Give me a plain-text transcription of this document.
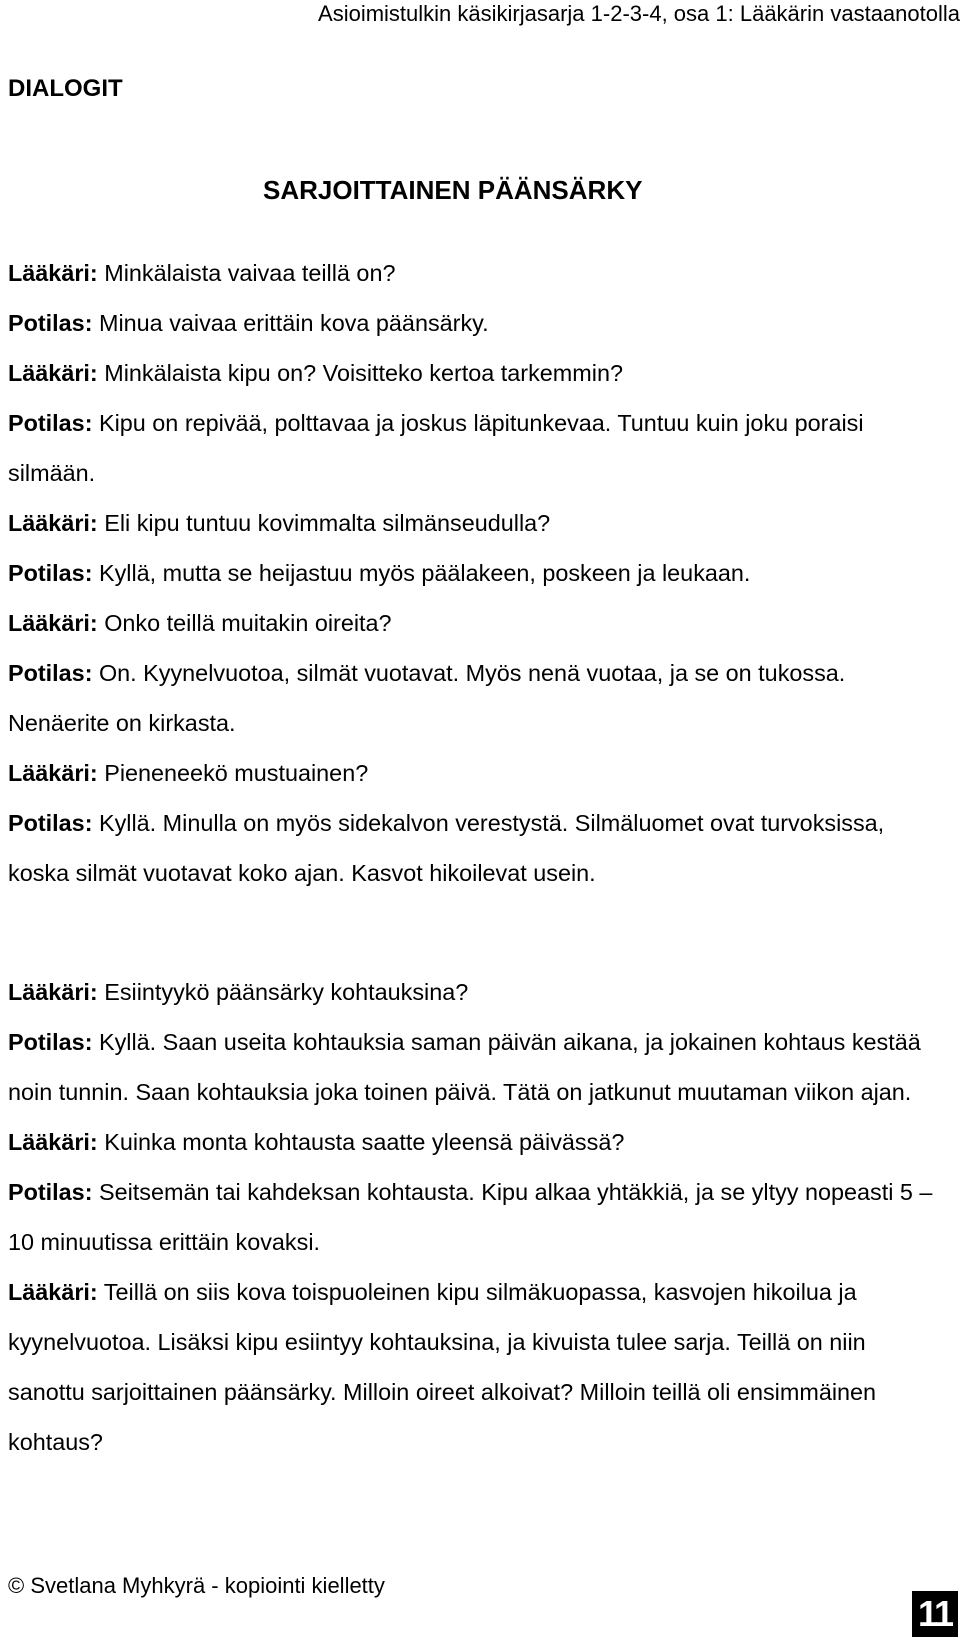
Asioimistulkin käsikirjasarja 1-2-3-4, osa 1: Lääkärin vastaanotolla
DIALOGIT
SARJOITTAINEN PÄÄNSÄRKY

Lääkäri: Minkälaista vaivaa teillä on?

Potilas: Minua vaivaa erittäin kova päänsärky.

Lääkäri: Minkälaista kipu on? Voisitteko kertoa tarkemmin?

Potilas: Kipu on repivää, polttavaa ja joskus läpitunkevaa. Tuntuu kuin joku poraisi silmään.

Lääkäri: Eli kipu tuntuu kovimmalta silmänseudulla?

Potilas: Kyllä, mutta se heijastuu myös päälakeen, poskeen ja leukaan.

Lääkäri: Onko teillä muitakin oireita?

Potilas: On. Kyynelvuotoa, silmät vuotavat. Myös nenä vuotaa, ja se on tukossa. Nenäerite on kirkasta.

Lääkäri: Pieneneekö mustuainen?

Potilas: Kyllä. Minulla on myös sidekalvon verestystä. Silmäluomet ovat turvoksissa, koska silmät vuotavat koko ajan. Kasvot hikoilevat usein.

Lääkäri: Esiintyykö päänsärky kohtauksina?

Potilas: Kyllä. Saan useita kohtauksia saman päivän aikana, ja jokainen kohtaus kestää noin tunnin. Saan kohtauksia joka toinen päivä. Tätä on jatkunut muutaman viikon ajan.

Lääkäri: Kuinka monta kohtausta saatte yleensä päivässä?

Potilas: Seitsemän tai kahdeksan kohtausta. Kipu alkaa yhtäkkiä, ja se yltyy nopeasti 5 – 10 minuutissa erittäin kovaksi.

Lääkäri: Teillä on siis kova toispuoleinen kipu silmäkuopassa, kasvojen hikoilua ja kyynelvuotoa. Lisäksi kipu esiintyy kohtauksina, ja kivuista tulee sarja. Teillä on niin sanottu sarjoittainen päänsärky. Milloin oireet alkoivat? Milloin teillä oli ensimmäinen kohtaus?

© Svetlana Myhkyrä - kopiointi kielletty
11
